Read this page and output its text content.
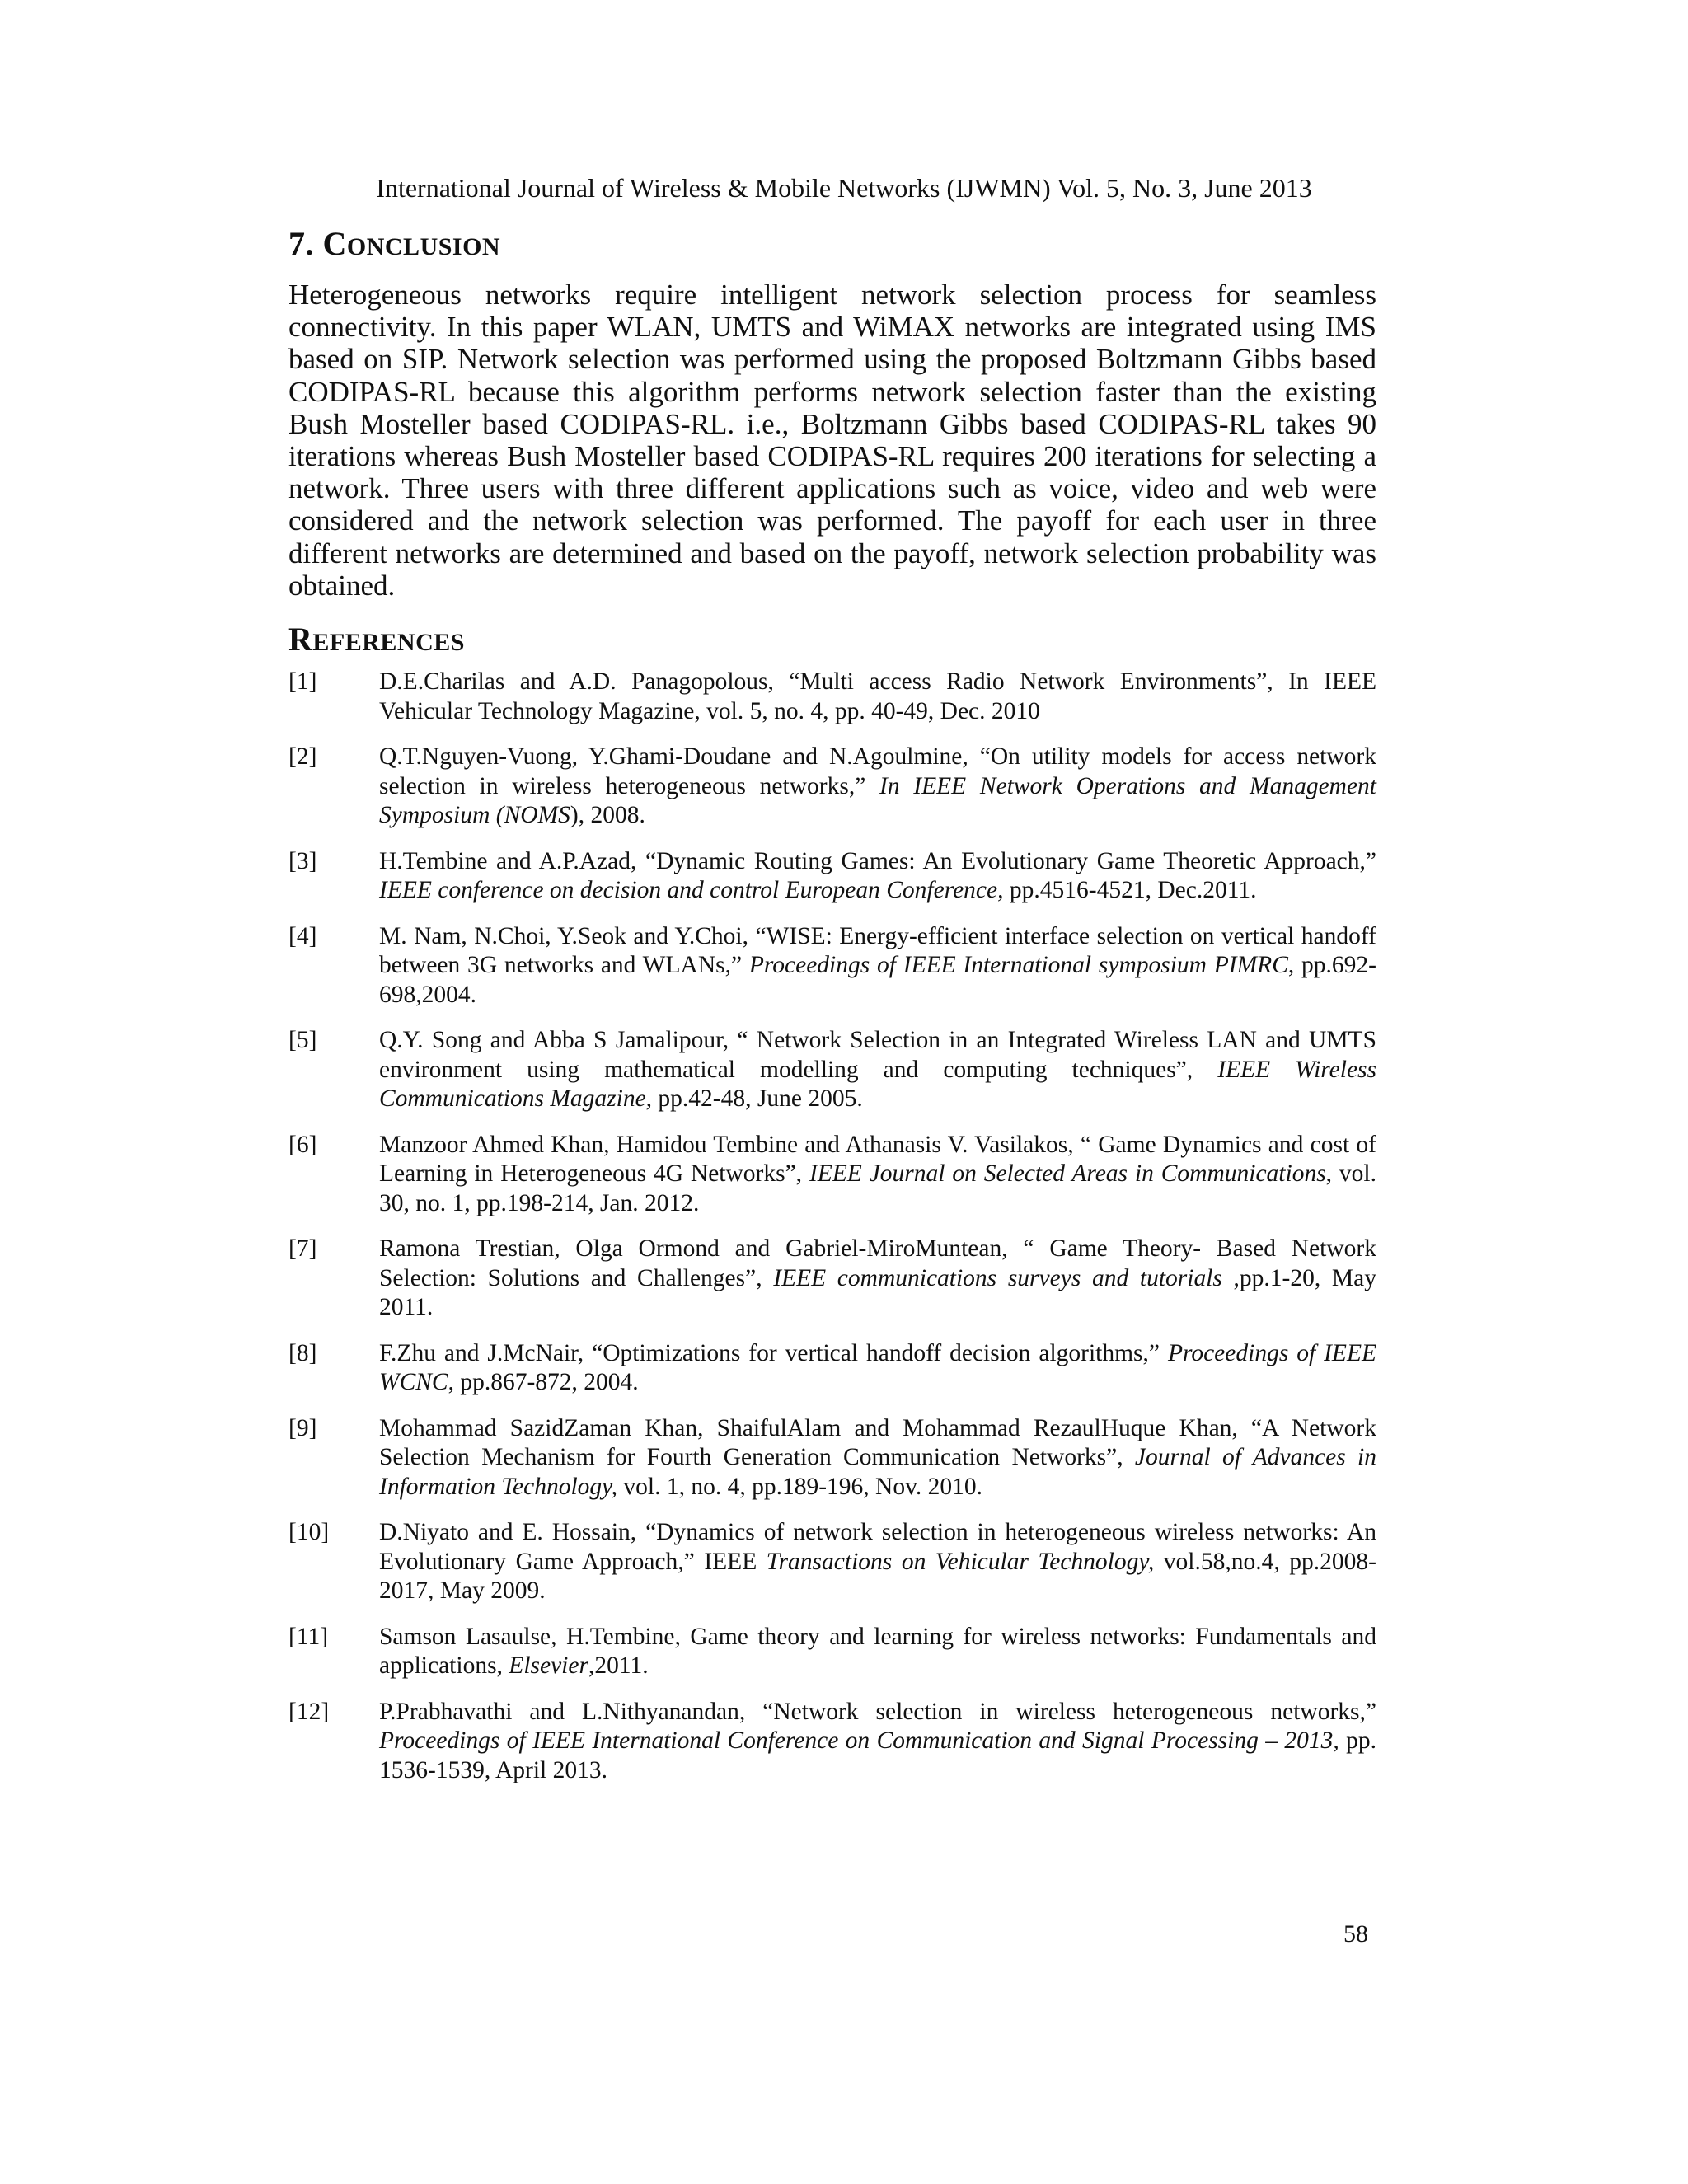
International Journal of Wireless & Mobile Networks (IJWMN) Vol. 5, No. 3, June 2013
7. CONCLUSION

Heterogeneous networks require intelligent network selection process for seamless connectivity. In this paper WLAN, UMTS and WiMAX networks are integrated using IMS based on SIP. Network selection was performed using the proposed Boltzmann Gibbs based CODIPAS-RL because this algorithm performs network selection faster than the existing Bush Mosteller based CODIPAS-RL. i.e., Boltzmann Gibbs based CODIPAS-RL takes 90 iterations whereas Bush Mosteller based CODIPAS-RL requires 200 iterations for selecting a network. Three users with three different applications such as voice, video and web were considered and the network selection was performed. The payoff for each user in three different networks are determined and based on the payoff, network selection probability was obtained.

REFERENCES
[1]	D.E.Charilas and A.D. Panagopolous, “Multi access Radio Network Environments”, In IEEE Vehicular Technology Magazine, vol. 5, no. 4, pp. 40-49, Dec. 2010
[2]	Q.T.Nguyen-Vuong, Y.Ghami-Doudane and N.Agoulmine, “On utility models for access network selection in wireless heterogeneous networks,” In IEEE Network Operations and Management Symposium (NOMS), 2008.
[3]	H.Tembine and A.P.Azad, “Dynamic Routing Games: An Evolutionary Game Theoretic Approach,” IEEE conference on decision and control European Conference, pp.4516-4521, Dec.2011.
[4]	M. Nam, N.Choi, Y.Seok and Y.Choi, “WISE: Energy-efficient interface selection on vertical handoff between 3G networks and WLANs,” Proceedings of IEEE International symposium PIMRC, pp.692-698,2004.
[5]	Q.Y. Song and Abba S Jamalipour, “ Network Selection in an Integrated Wireless LAN and UMTS environment using mathematical modelling and computing techniques”, IEEE Wireless Communications Magazine, pp.42-48, June 2005.
[6]	Manzoor Ahmed Khan, Hamidou Tembine and Athanasis V. Vasilakos, “ Game Dynamics and cost of Learning in Heterogeneous 4G Networks”, IEEE Journal on Selected Areas in Communications, vol. 30, no. 1, pp.198-214, Jan. 2012.
[7]	Ramona Trestian, Olga Ormond and Gabriel-MiroMuntean, “ Game Theory- Based Network Selection: Solutions and Challenges”, IEEE communications surveys and tutorials ,pp.1-20, May 2011.
[8]	F.Zhu and J.McNair, “Optimizations for vertical handoff decision algorithms,” Proceedings of IEEE WCNC, pp.867-872, 2004.
[9]	Mohammad SazidZaman Khan, ShaifulAlam and Mohammad RezaulHuque Khan, “A Network Selection Mechanism for Fourth Generation Communication Networks”, Journal of Advances in Information Technology, vol. 1, no. 4, pp.189-196, Nov. 2010.
[10] D.Niyato and E. Hossain, “Dynamics of network selection in heterogeneous wireless networks: An Evolutionary Game Approach,” IEEE Transactions on Vehicular Technology, vol.58,no.4, pp.2008-2017, May 2009.
[11] Samson Lasaulse, H.Tembine, Game theory and learning for wireless networks: Fundamentals and applications, Elsevier,2011.
[12] P.Prabhavathi and L.Nithyanandan, “Network selection in wireless heterogeneous networks,” Proceedings of IEEE International Conference on Communication and Signal Processing – 2013, pp. 1536-1539, April 2013.
58
